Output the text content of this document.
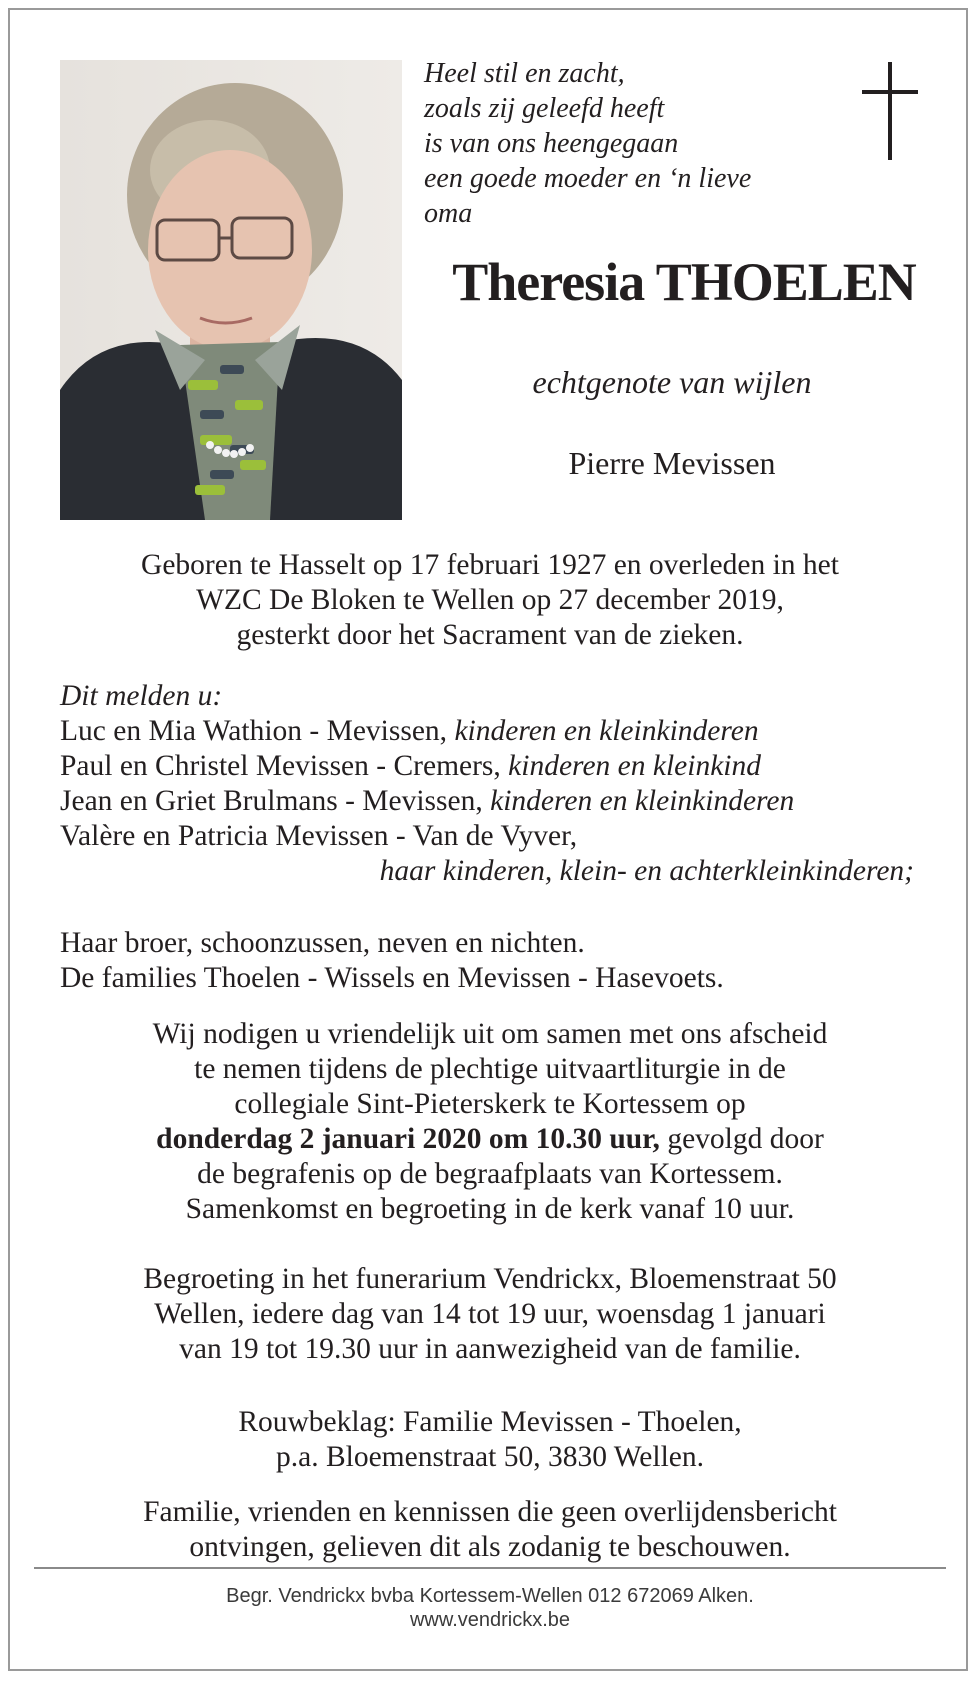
Heel stil en zacht,
zoals zij geleefd heeft
is van ons heengegaan
een goede moeder en ‘n lieve
oma
Theresia THOELEN
echtgenote van wijlen
Pierre Mevissen
Geboren te Hasselt op 17 februari 1927 en overleden in het
WZC De Bloken te Wellen op 27 december 2019,
gesterkt door het Sacrament van de zieken.
Dit melden u:
Luc en Mia Wathion - Mevissen, kinderen en kleinkinderen
Paul en Christel Mevissen - Cremers, kinderen en kleinkind
Jean en Griet Brulmans - Mevissen, kinderen en kleinkinderen
Valère en Patricia Mevissen - Van de Vyver,
haar kinderen, klein- en achterkleinkinderen;
Haar broer, schoonzussen, neven en nichten.
De families Thoelen - Wissels en Mevissen - Hasevoets.
Wij nodigen u vriendelijk uit om samen met ons afscheid
te nemen tijdens de plechtige uitvaartliturgie in de
collegiale Sint-Pieterskerk te Kortessem op
donderdag 2 januari 2020 om 10.30 uur, gevolgd door
de begrafenis op de begraafplaats van Kortessem.
Samenkomst en begroeting in de kerk vanaf 10 uur.
Begroeting in het funerarium Vendrickx, Bloemenstraat 50
Wellen, iedere dag van 14 tot 19 uur, woensdag 1 januari
van 19 tot 19.30 uur in aanwezigheid van de familie.
Rouwbeklag: Familie Mevissen - Thoelen,
p.a. Bloemenstraat 50, 3830 Wellen.
Familie, vrienden en kennissen die geen overlijdensbericht
ontvingen, gelieven dit als zodanig te beschouwen.
Begr. Vendrickx bvba Kortessem-Wellen 012 672069 Alken.
www.vendrickx.be
